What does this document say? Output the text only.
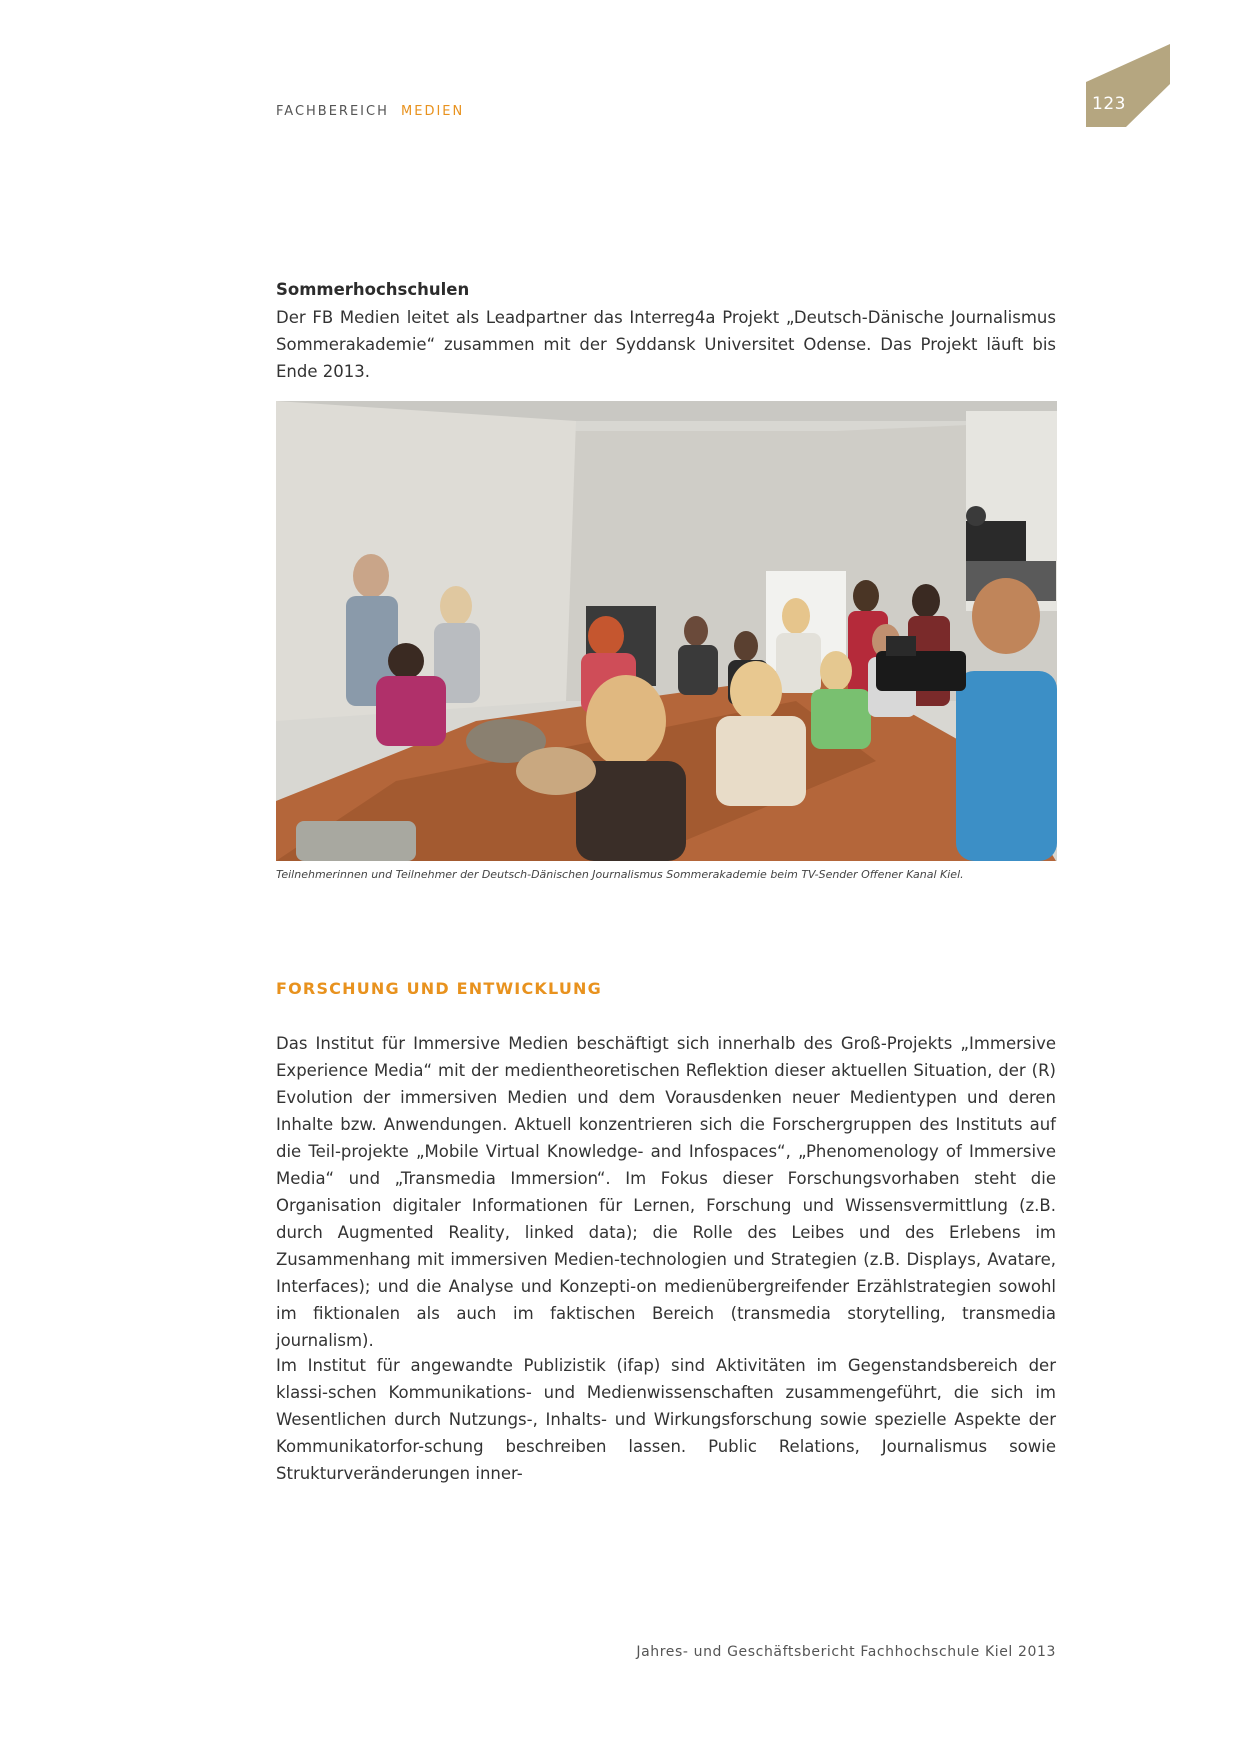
FACHBEREICH MEDIEN	123
Sommerhochschulen

Der FB Medien leitet als Leadpartner das Interreg4a Projekt „Deutsch-Dänische Journalismus Sommerakademie“ zusammen mit der Syddansk Universitet Odense. Das Projekt läuft bis Ende 2013.

Teilnehmerinnen und Teilnehmer der Deutsch-Dänischen Journalismus Sommerakademie beim TV-Sender Offener Kanal Kiel.
FORSCHUNG UND ENTWICKLUNG

Das Institut für Immersive Medien beschäftigt sich innerhalb des Groß-Projekts „Immersive Experience Media“ mit der medientheoretischen Reflektion dieser aktuellen Situation, der (R) Evolution der immersiven Medien und dem Vorausdenken neuer Medientypen und deren Inhalte bzw. Anwendungen. Aktuell konzentrieren sich die Forschergruppen des Instituts auf die Teil-projekte „Mobile Virtual Knowledge- and Infospaces“, „Phenomenology of Immersive Media“ und „Transmedia Immersion“. Im Fokus dieser Forschungsvorhaben steht die Organisation digitaler Informationen für Lernen, Forschung und Wissensvermittlung (z.B. durch Augmented Reality, linked data); die Rolle des Leibes und des Erlebens im Zusammenhang mit immersiven Medien-technologien und Strategien (z.B. Displays, Avatare, Interfaces); und die Analyse und Konzepti-on medienübergreifender Erzählstrategien sowohl im fiktionalen als auch im faktischen Bereich (transmedia storytelling, transmedia journalism).

Im Institut für angewandte Publizistik (ifap) sind Aktivitäten im Gegenstandsbereich der klassi-schen Kommunikations- und Medienwissenschaften zusammengeführt, die sich im Wesentlichen durch Nutzungs-, Inhalts- und Wirkungsforschung sowie spezielle Aspekte der Kommunikatorfor-schung beschreiben lassen. Public Relations, Journalismus sowie Strukturveränderungen inner-

Jahres- und Geschäftsbericht Fachhochschule Kiel 2013
